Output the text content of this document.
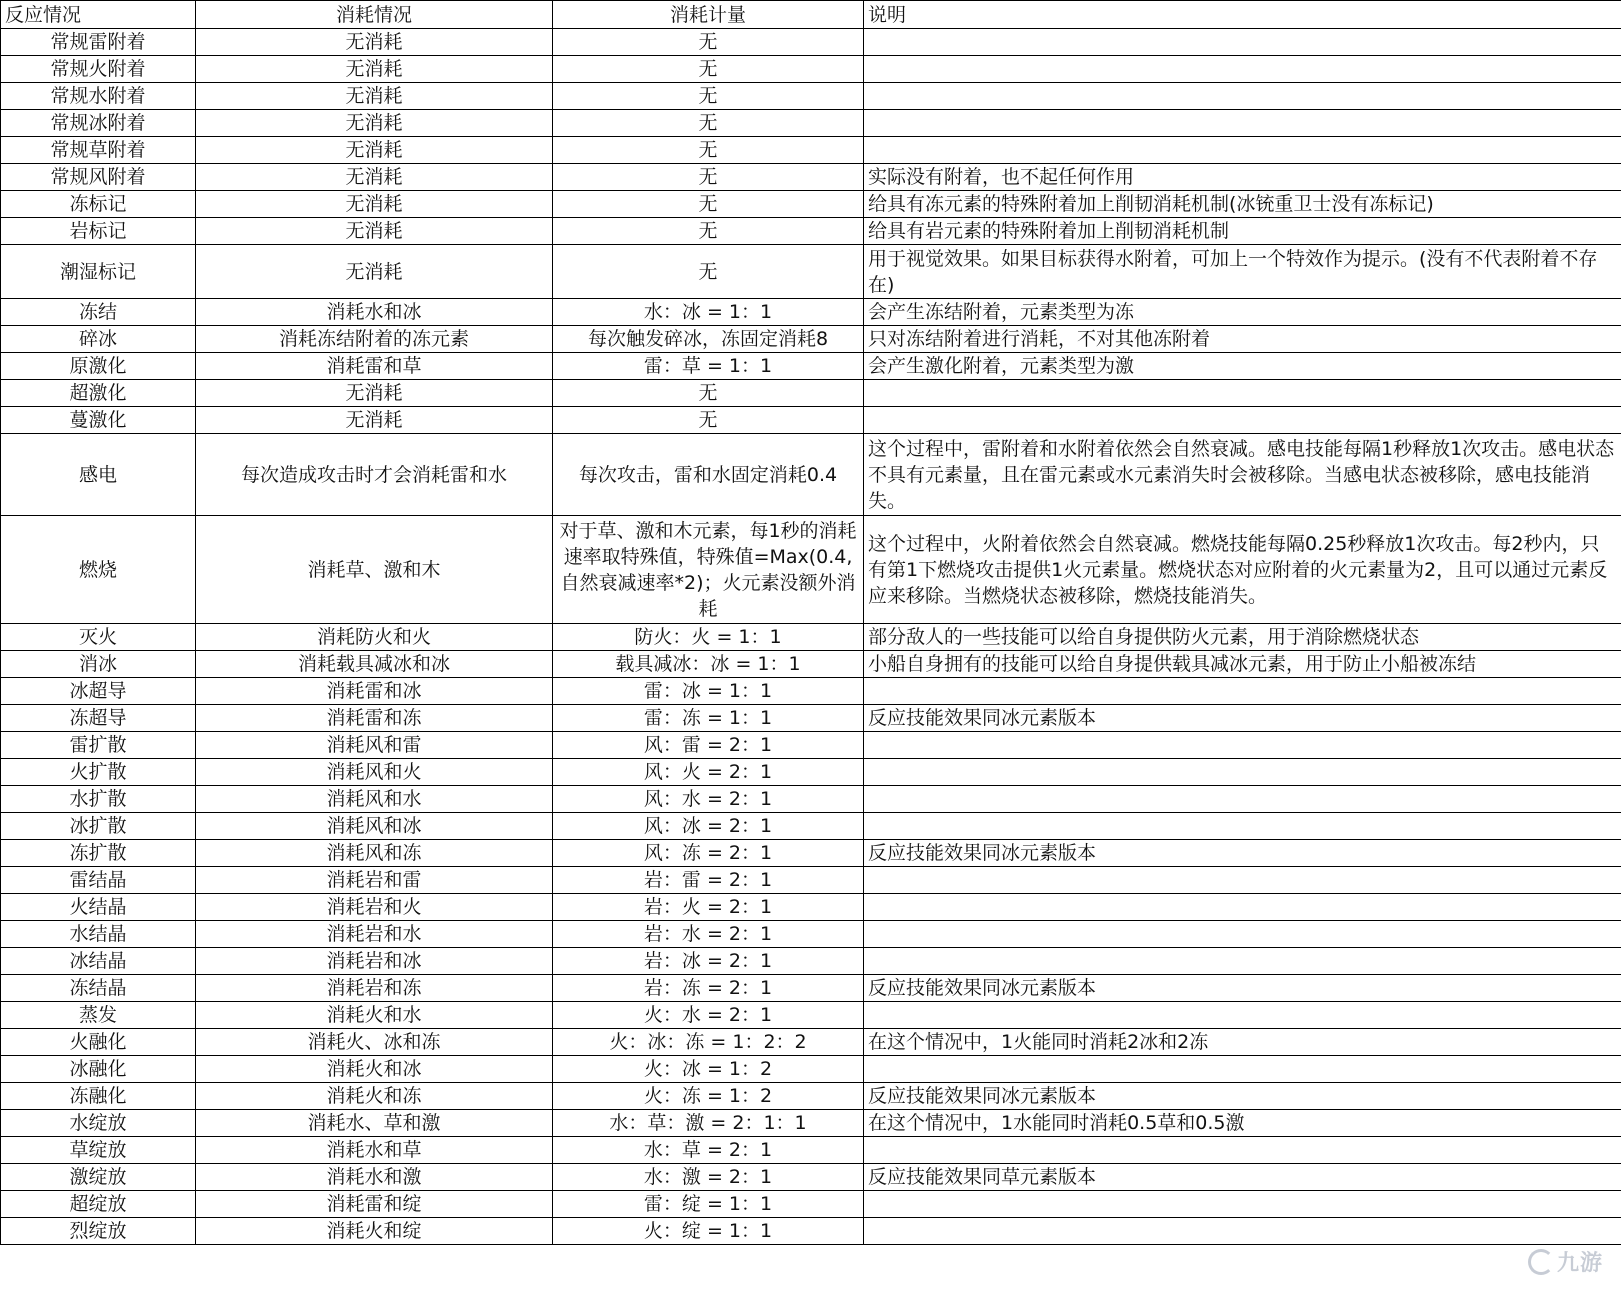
反应情况	消耗情况	消耗计量	说明
常规雷附着	无消耗	无	
常规火附着	无消耗	无	
常规水附着	无消耗	无	
常规冰附着	无消耗	无	
常规草附着	无消耗	无	
常规风附着	无消耗	无	实际没有附着，也不起任何作用
冻标记	无消耗	无	给具有冻元素的特殊附着加上削韧消耗机制(冰铳重卫士没有冻标记)
岩标记	无消耗	无	给具有岩元素的特殊附着加上削韧消耗机制
潮湿标记	无消耗	无	用于视觉效果。如果目标获得水附着，可加上一个特效作为提示。(没有不代表附着不存在)
冻结	消耗水和冰	水：冰 = 1：1	会产生冻结附着，元素类型为冻
碎冰	消耗冻结附着的冻元素	每次触发碎冰，冻固定消耗8	只对冻结附着进行消耗，不对其他冻附着
原激化	消耗雷和草	雷：草 = 1：1	会产生激化附着，元素类型为激
超激化	无消耗	无	
蔓激化	无消耗	无	
感电	每次造成攻击时才会消耗雷和水	每次攻击，雷和水固定消耗0.4	这个过程中，雷附着和水附着依然会自然衰减。感电技能每隔1秒释放1次攻击。感电状态不具有元素量，且在雷元素或水元素消失时会被移除。当感电状态被移除，感电技能消失。
燃烧	消耗草、激和木	对于草、激和木元素，每1秒的消耗速率取特殊值，特殊值=Max(0.4, 自然衰减速率*2)；火元素没额外消耗	这个过程中，火附着依然会自然衰减。燃烧技能每隔0.25秒释放1次攻击。每2秒内，只有第1下燃烧攻击提供1火元素量。燃烧状态对应附着的火元素量为2，且可以通过元素反应来移除。当燃烧状态被移除，燃烧技能消失。
灭火	消耗防火和火	防火：火 = 1：1	部分敌人的一些技能可以给自身提供防火元素，用于消除燃烧状态
消冰	消耗载具减冰和冰	载具减冰：冰 = 1：1	小船自身拥有的技能可以给自身提供载具减冰元素，用于防止小船被冻结
冰超导	消耗雷和冰	雷：冰 = 1：1	
冻超导	消耗雷和冻	雷：冻 = 1：1	反应技能效果同冰元素版本
雷扩散	消耗风和雷	风：雷 = 2：1	
火扩散	消耗风和火	风：火 = 2：1	
水扩散	消耗风和水	风：水 = 2：1	
冰扩散	消耗风和冰	风：冰 = 2：1	
冻扩散	消耗风和冻	风：冻 = 2：1	反应技能效果同冰元素版本
雷结晶	消耗岩和雷	岩：雷 = 2：1	
火结晶	消耗岩和火	岩：火 = 2：1	
水结晶	消耗岩和水	岩：水 = 2：1	
冰结晶	消耗岩和冰	岩：冰 = 2：1	
冻结晶	消耗岩和冻	岩：冻 = 2：1	反应技能效果同冰元素版本
蒸发	消耗火和水	火：水 = 2：1	
火融化	消耗火、冰和冻	火：冰：冻 = 1：2：2	在这个情况中，1火能同时消耗2冰和2冻
冰融化	消耗火和冰	火：冰 = 1：2	
冻融化	消耗火和冻	火：冻 = 1：2	反应技能效果同冰元素版本
水绽放	消耗水、草和激	水：草：激 = 2：1：1	在这个情况中，1水能同时消耗0.5草和0.5激
草绽放	消耗水和草	水：草 = 2：1	
激绽放	消耗水和激	水：激 = 2：1	反应技能效果同草元素版本
超绽放	消耗雷和绽	雷：绽 = 1：1	
烈绽放	消耗火和绽	火：绽 = 1：1	
九游
